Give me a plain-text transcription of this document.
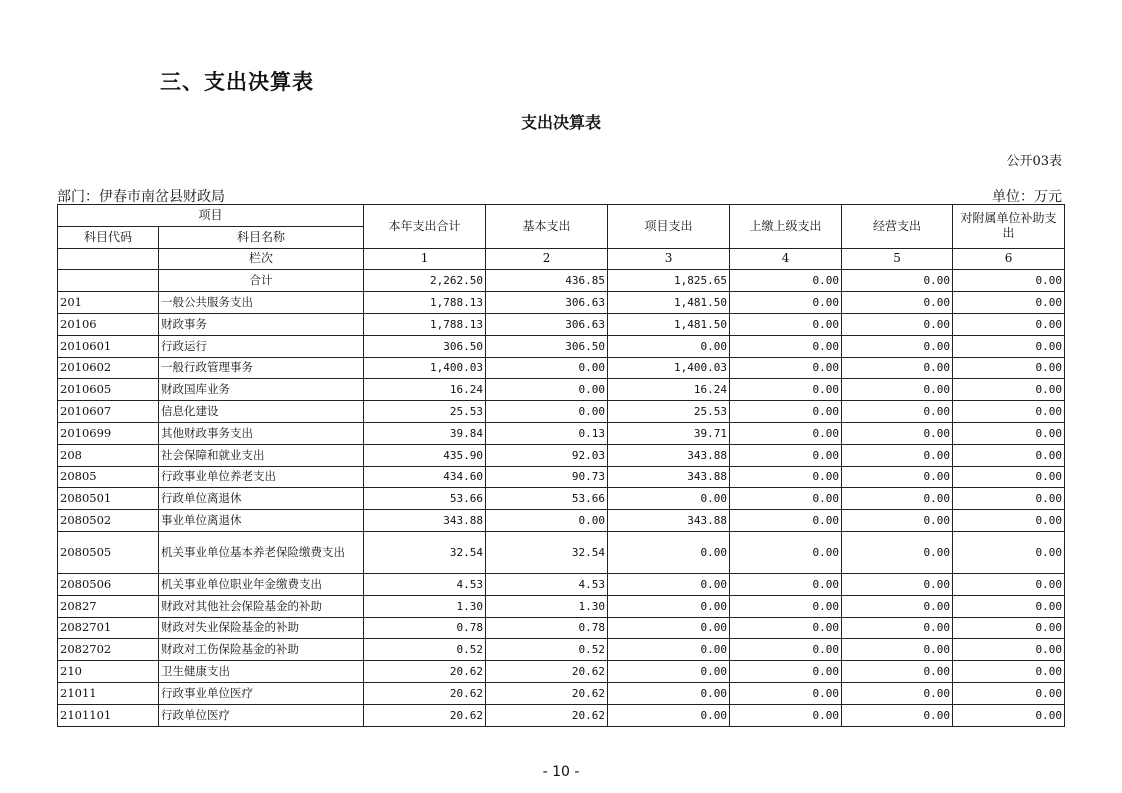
三、支出决算表
支出决算表
公开03表
部门：伊春市南岔县财政局	单位：万元
项目		本年支出合计	基本支出	项目支出	上缴上级支出	经营支出	对附属单位补助支出
科目代码	科目名称						
	栏次	1	2	3	4	5	6
	合计	2,262.50	436.85	1,825.65	0.00	0.00	0.00
201	一般公共服务支出	1,788.13	306.63	1,481.50	0.00	0.00	0.00
20106	财政事务	1,788.13	306.63	1,481.50	0.00	0.00	0.00
2010601	行政运行	306.50	306.50	0.00	0.00	0.00	0.00
2010602	一般行政管理事务	1,400.03	0.00	1,400.03	0.00	0.00	0.00
2010605	财政国库业务	16.24	0.00	16.24	0.00	0.00	0.00
2010607	信息化建设	25.53	0.00	25.53	0.00	0.00	0.00
2010699	其他财政事务支出	39.84	0.13	39.71	0.00	0.00	0.00
208	社会保障和就业支出	435.90	92.03	343.88	0.00	0.00	0.00
20805	行政事业单位养老支出	434.60	90.73	343.88	0.00	0.00	0.00
2080501	行政单位离退休	53.66	53.66	0.00	0.00	0.00	0.00
2080502	事业单位离退休	343.88	0.00	343.88	0.00	0.00	0.00
2080505	机关事业单位基本养老保险缴费支出	32.54	32.54	0.00	0.00	0.00	0.00
2080506	机关事业单位职业年金缴费支出	4.53	4.53	0.00	0.00	0.00	0.00
20827	财政对其他社会保险基金的补助	1.30	1.30	0.00	0.00	0.00	0.00
2082701	财政对失业保险基金的补助	0.78	0.78	0.00	0.00	0.00	0.00
2082702	财政对工伤保险基金的补助	0.52	0.52	0.00	0.00	0.00	0.00
210	卫生健康支出	20.62	20.62	0.00	0.00	0.00	0.00
21011	行政事业单位医疗	20.62	20.62	0.00	0.00	0.00	0.00
2101101	行政单位医疗	20.62	20.62	0.00	0.00	0.00	0.00
- 10 -
